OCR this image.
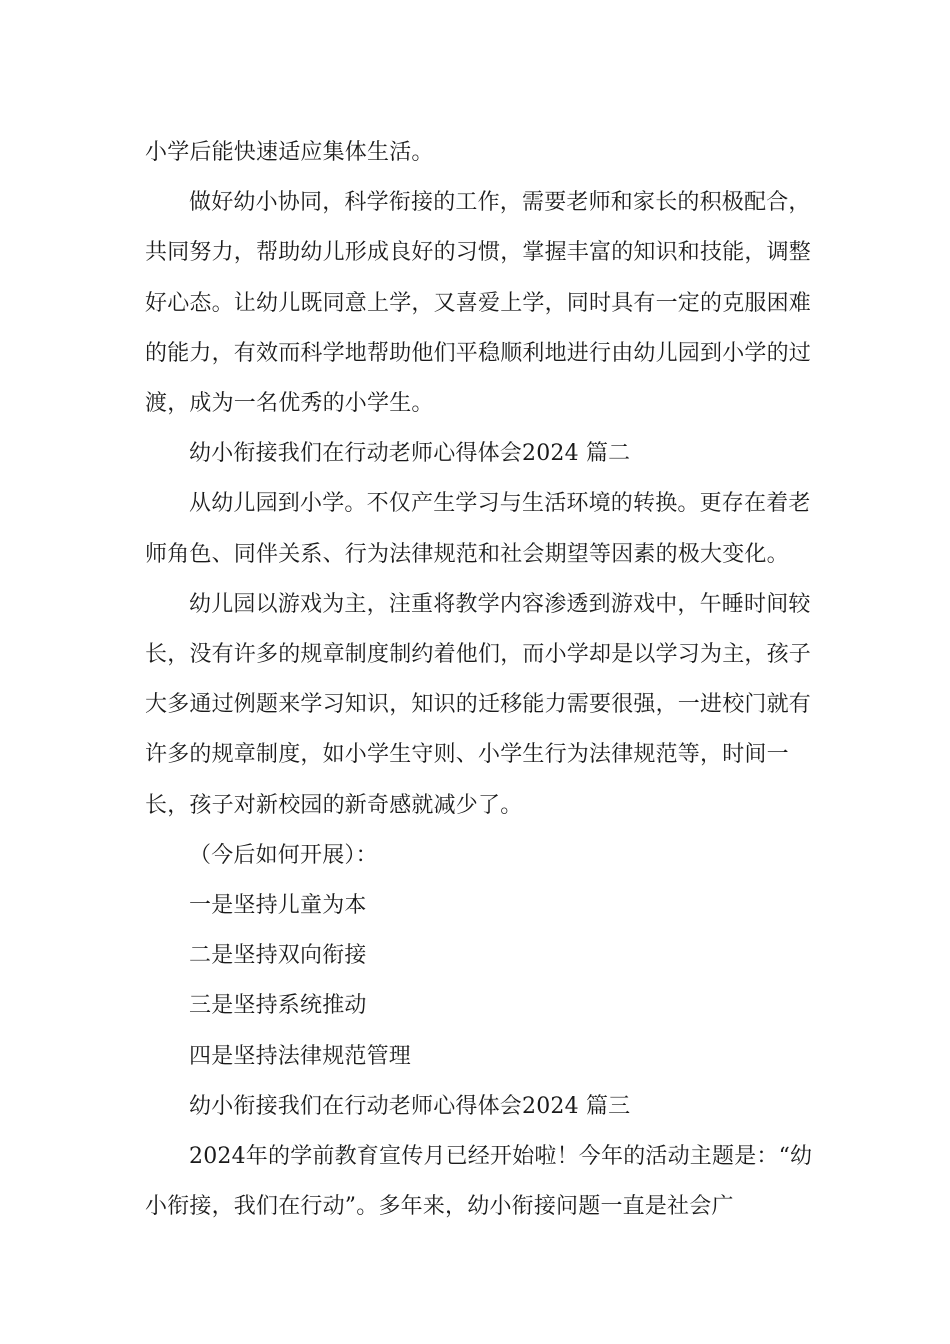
小学后能快速适应集体生活。

做好幼小协同，科学衔接的工作，需要老师和家长的积极配合，共同努力，帮助幼儿形成良好的习惯，掌握丰富的知识和技能，调整好心态。让幼儿既同意上学，又喜爱上学，同时具有一定的克服困难的能力，有效而科学地帮助他们平稳顺利地进行由幼儿园到小学的过渡，成为一名优秀的小学生。

幼小衔接我们在行动老师心得体会2024 篇二

从幼儿园到小学。不仅产生学习与生活环境的转换。更存在着老师角色、同伴关系、行为法律规范和社会期望等因素的极大变化。

幼儿园以游戏为主，注重将教学内容渗透到游戏中，午睡时间较长，没有许多的规章制度制约着他们，而小学却是以学习为主，孩子大多通过例题来学习知识，知识的迁移能力需要很强，一进校门就有许多的规章制度，如小学生守则、小学生行为法律规范等，时间一长，孩子对新校园的新奇感就减少了。

（今后如何开展）：

一是坚持儿童为本

二是坚持双向衔接

三是坚持系统推动

四是坚持法律规范管理

幼小衔接我们在行动老师心得体会2024 篇三

2024年的学前教育宣传月已经开始啦！今年的活动主题是：“幼小衔接，我们在行动”。多年来，幼小衔接问题一直是社会广
